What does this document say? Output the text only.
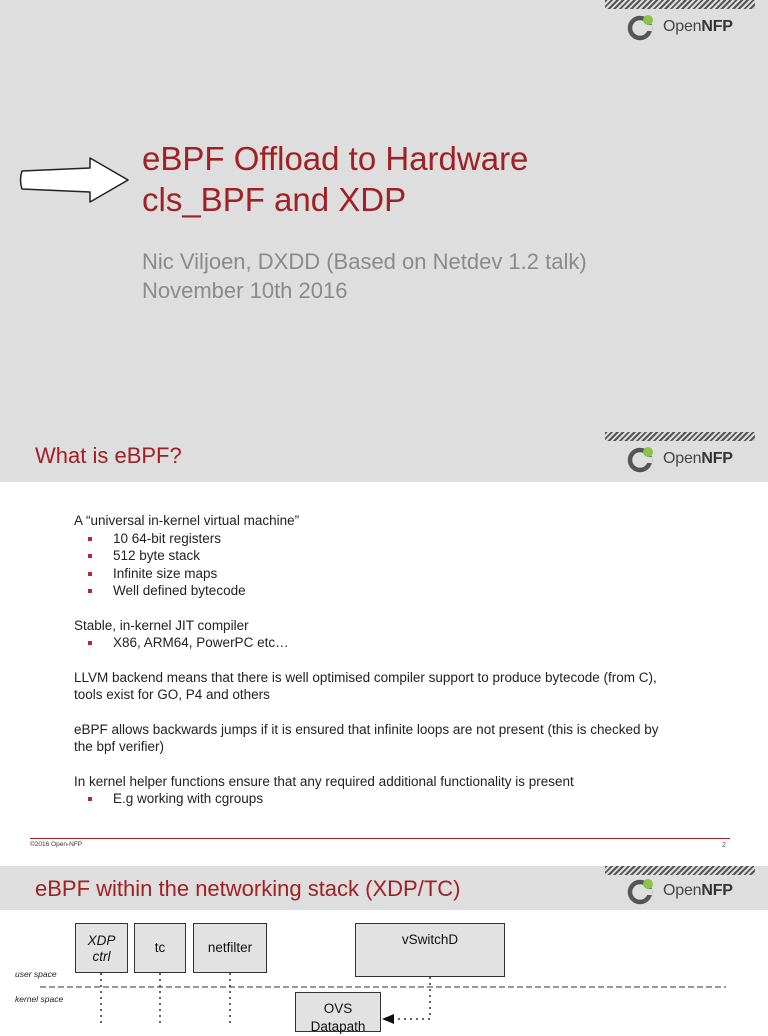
OpenNFP
eBPF Offload to Hardware
cls_BPF and XDP
Nic Viljoen, DXDD (Based on Netdev 1.2 talk)
November 10th 2016
OpenNFP
What is eBPF?

A “universal in-kernel virtual machine”

10 64-bit registers
512 byte stack
Infinite size maps
Well defined bytecode

Stable, in-kernel JIT compiler

X86, ARM64, PowerPC etc…

LLVM backend means that there is well optimised compiler support to produce bytecode (from C),
tools exist for GO, P4 and others

eBPF allows backwards jumps if it is ensured that infinite loops are not present (this is checked by
the bpf verifier)

In kernel helper functions ensure that any required additional functionality is present

E.g working with cgroups
©2016 Open-NFP	2
OpenNFP
eBPF within the networking stack (XDP/TC)
XDP
ctrl
tc	netfilter
vSwitchD
OVS
Datapath
user space
kernel space
